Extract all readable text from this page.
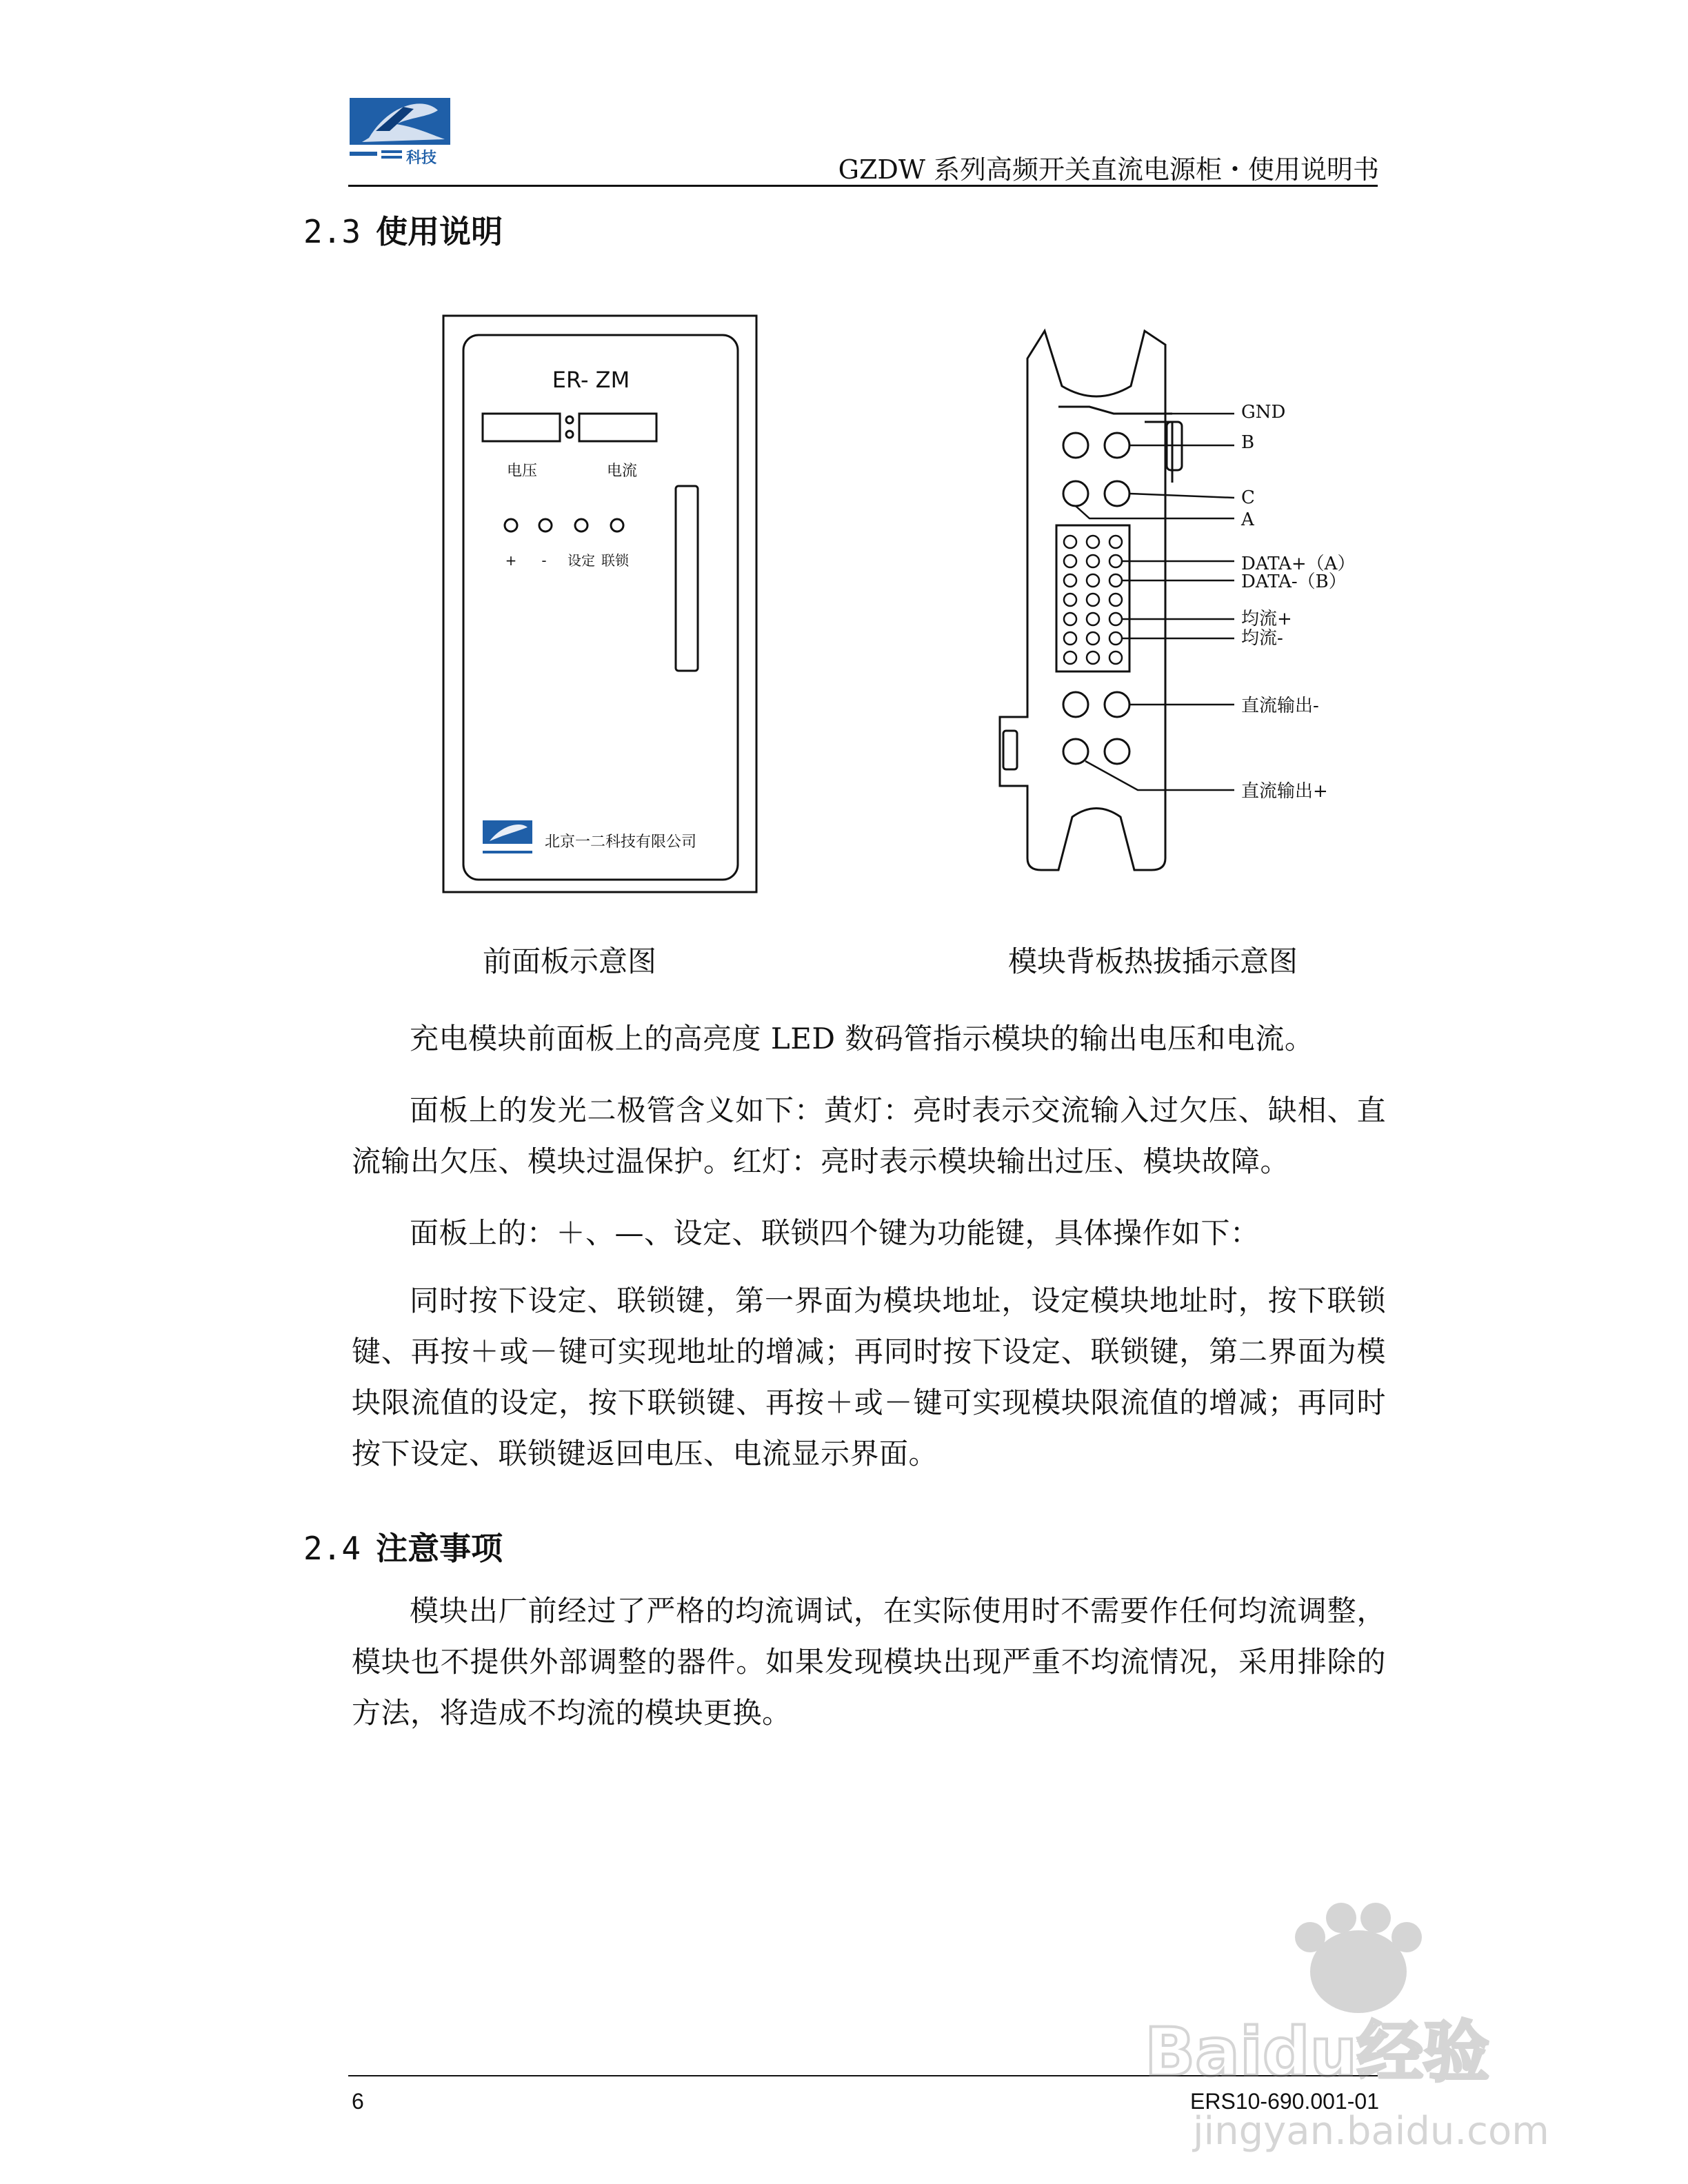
科技	GZDW 系列高频开关直流电源柜・使用说明书
2.3 使用说明
ER- ZM
电压	电流
+ - 设定 联锁
北京一二科技有限公司
GND
B
C
A
DATA+（A）
DATA-（B）
均流+
均流-
直流输出-
直流输出+
前面板示意图	模块背板热拔插示意图
充电模块前面板上的高亮度 LED 数码管指示模块的输出电压和电流。
面板上的发光二极管含义如下：黄灯：亮时表示交流输入过欠压、缺相、直流输出欠压、模块过温保护。红灯：亮时表示模块输出过压、模块故障。
面板上的：＋、—、设定、联锁四个键为功能键，具体操作如下：
同时按下设定、联锁键，第一界面为模块地址，设定模块地址时，按下联锁键、再按＋或－键可实现地址的增减；再同时按下设定、联锁键，第二界面为模块限流值的设定，按下联锁键、再按＋或－键可实现模块限流值的增减；再同时按下设定、联锁键返回电压、电流显示界面。
2.4 注意事项
模块出厂前经过了严格的均流调试，在实际使用时不需要作任何均流调整，模块也不提供外部调整的器件。如果发现模块出现严重不均流情况，采用排除的方法，将造成不均流的模块更换。
6	ERS10-690.001-01
Baidu经验
jingyan.baidu.com
